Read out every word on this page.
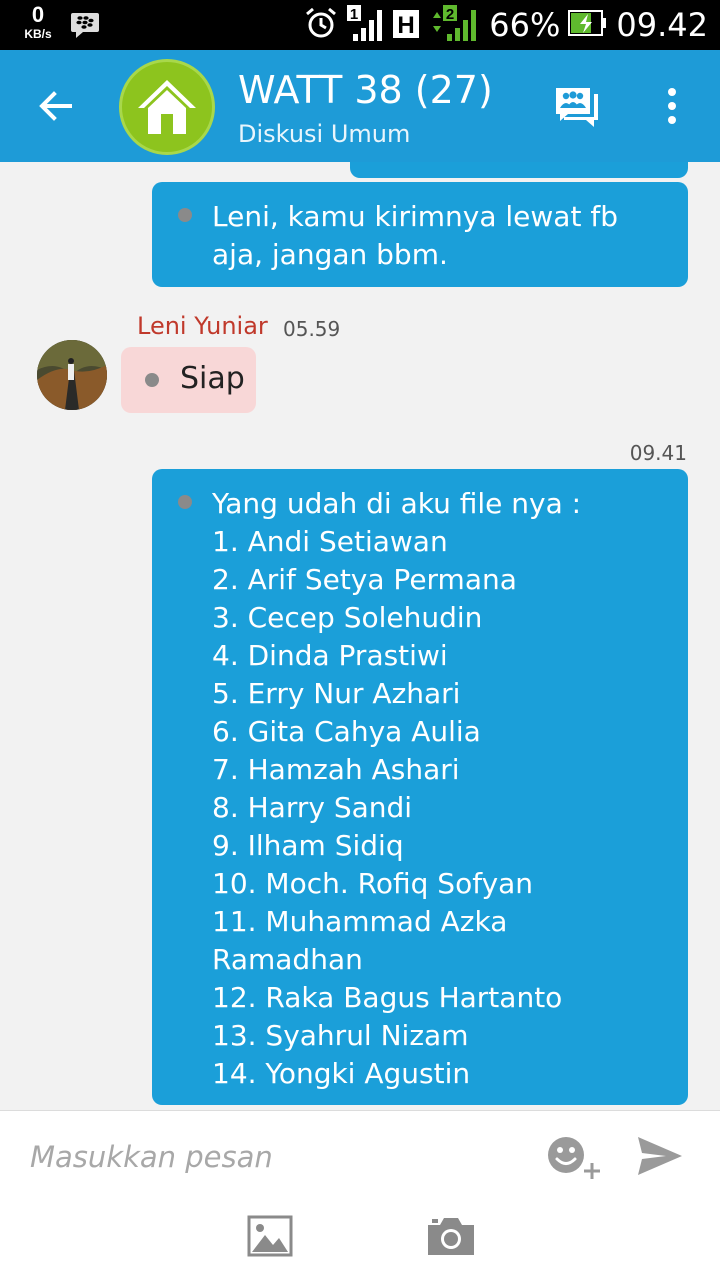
0
KB/s
1 H 2 66% 09.42
WATT 38 (27)
Diskusi Umum
Leni, kamu kirimnya lewat fb
aja, jangan bbm.
Leni Yuniar 05.59
Siap
09.41
Yang udah di aku file nya :
1. Andi Setiawan
2. Arif Setya Permana
3. Cecep Solehudin
4. Dinda Prastiwi
5. Erry Nur Azhari
6. Gita Cahya Aulia
7. Hamzah Ashari
8. Harry Sandi
9. Ilham Sidiq
10. Moch. Rofiq Sofyan
11. Muhammad Azka
Ramadhan
12. Raka Bagus Hartanto
13. Syahrul Nizam
14. Yongki Agustin
Masukkan pesan
